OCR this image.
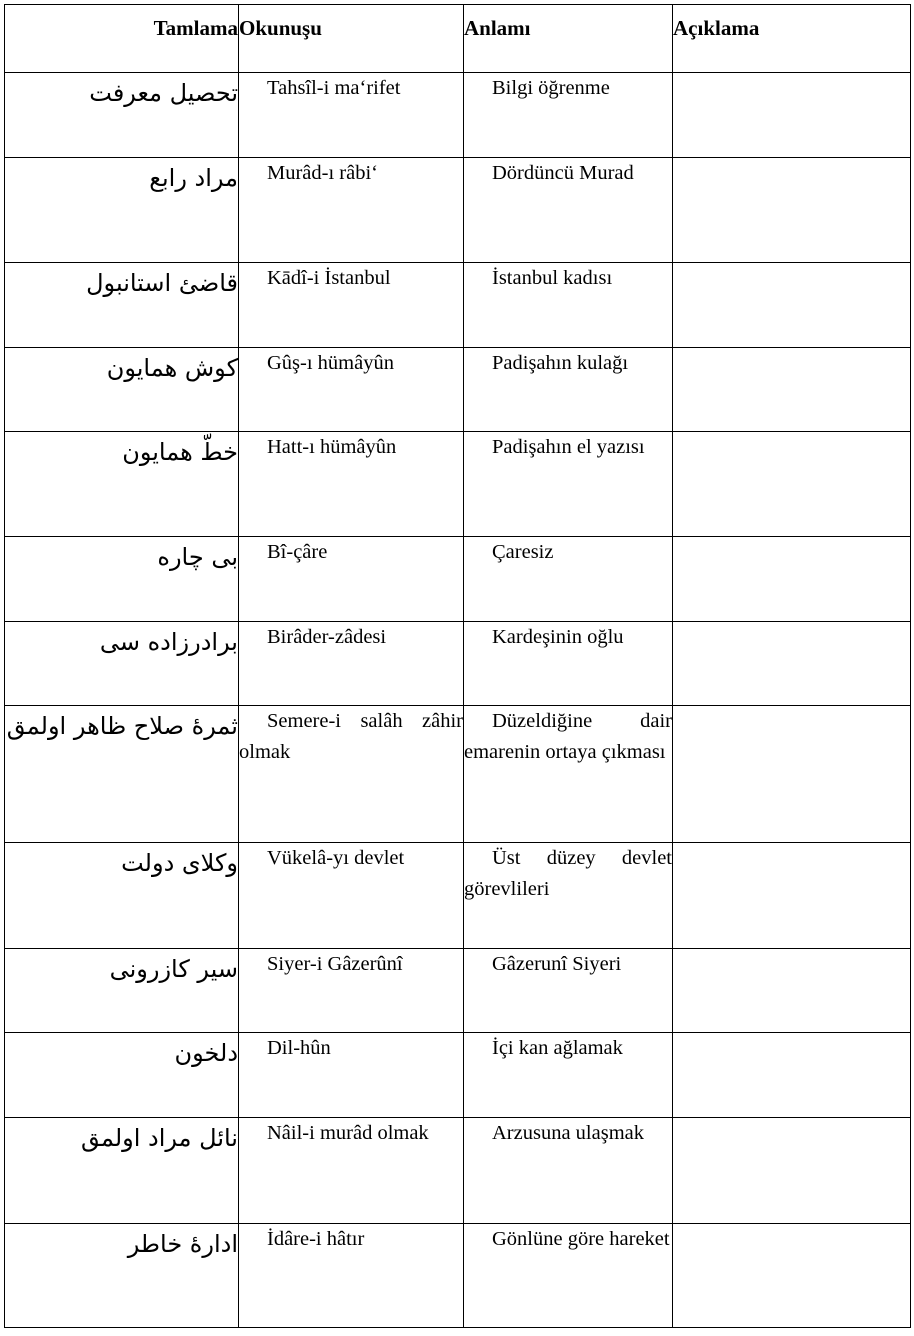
Tamlama	Okunuşu	Anlamı	Açıklama
تحصيل معرفت	Tahsîl-i ma‘rifet	Bilgi öğrenme	
مراد رابع	Murâd-ı râbi‘	Dördüncü Murad	
قاضئ استانبول	Kādî-i İstanbul	İstanbul kadısı	
كوش همايون	Gûş-ı hümâyûn	Padişahın kulağı	
خطّ همايون	Hatt-ı hümâyûn	Padişahın el yazısı	
بى چاره	Bî-çâre	Çaresiz	
برادرزاده سى	Birâder-zâdesi	Kardeşinin oğlu	
ثمرهٔ صلاح ظاهر اولمق	Semere-i salâh zâhir olmak	Düzeldiğine dair emarenin ortaya çıkması	
وكلاى دولت	Vükelâ-yı devlet	Üst düzey devlet görevlileri	
سير كازرونى	Siyer-i Gâzerûnî	Gâzerunî Siyeri	
دلخون	Dil-hûn	İçi kan ağlamak	
نائل مراد اولمق	Nâil-i murâd olmak	Arzusuna ulaşmak	
ادارهٔ خاطر	İdâre-i hâtır	Gönlüne göre hareket	
